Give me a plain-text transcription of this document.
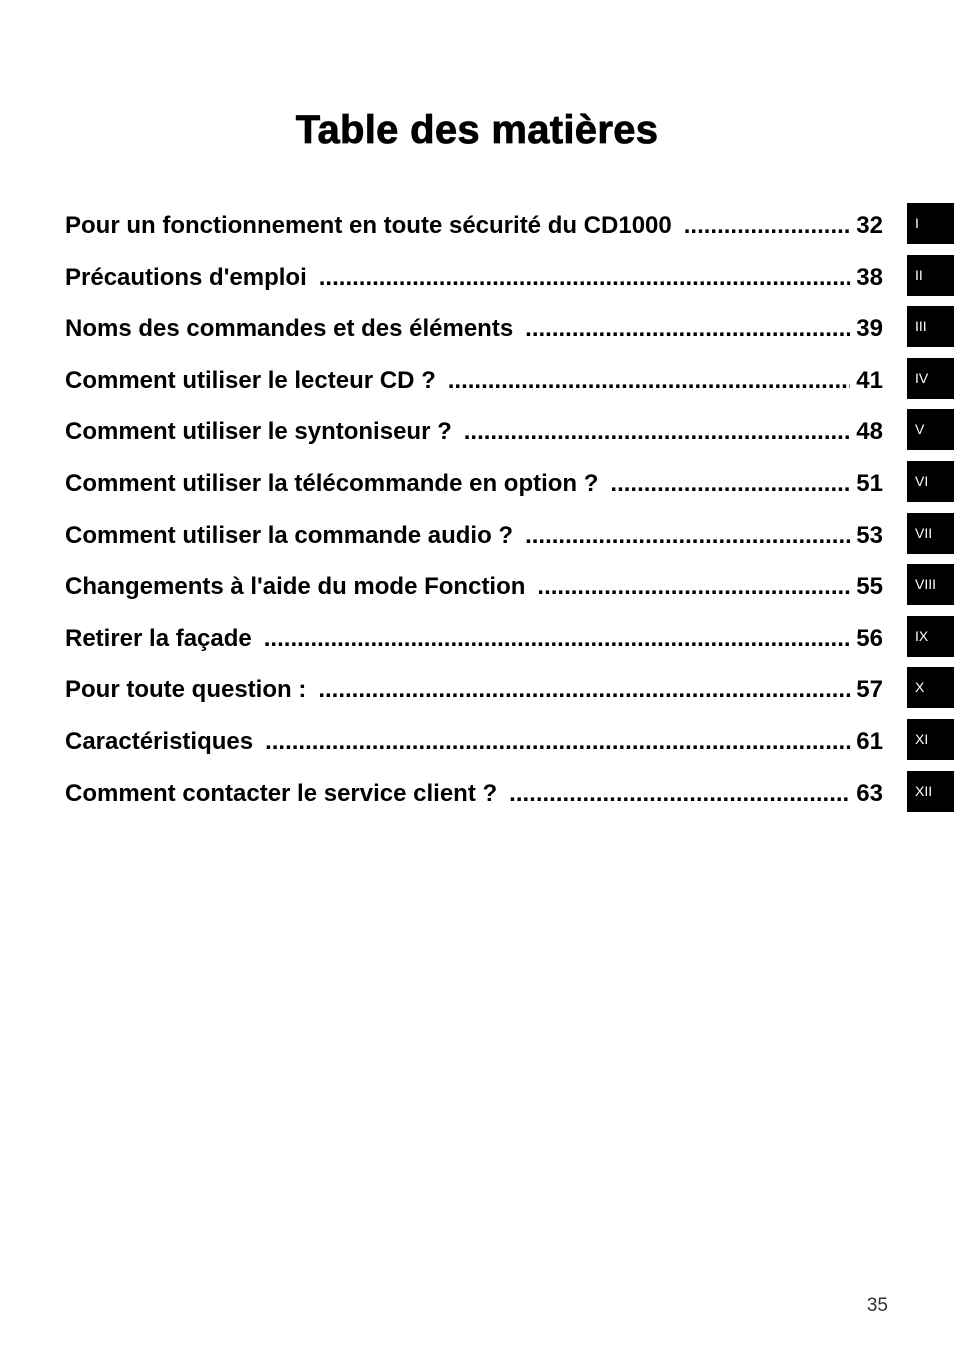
Table des matières
Pour un fonctionnement en toute sécurité du CD1000 .....	32
Précautions d'emploi .....	38
Noms des commandes et des éléments .....	39
Comment utiliser le lecteur CD ? .....	41
Comment utiliser le syntoniseur ? .....	48
Comment utiliser la télécommande en option ? .....	51
Comment utiliser la commande audio ? .....	53
Changements à l'aide du mode Fonction .....	55
Retirer la façade .....	56
Pour toute question : .....	57
Caractéristiques .....	61
Comment contacter le service client ? .....	63
I
II
III
IV
V
VI
VII
VIII
IX
X
XI
XII
35
